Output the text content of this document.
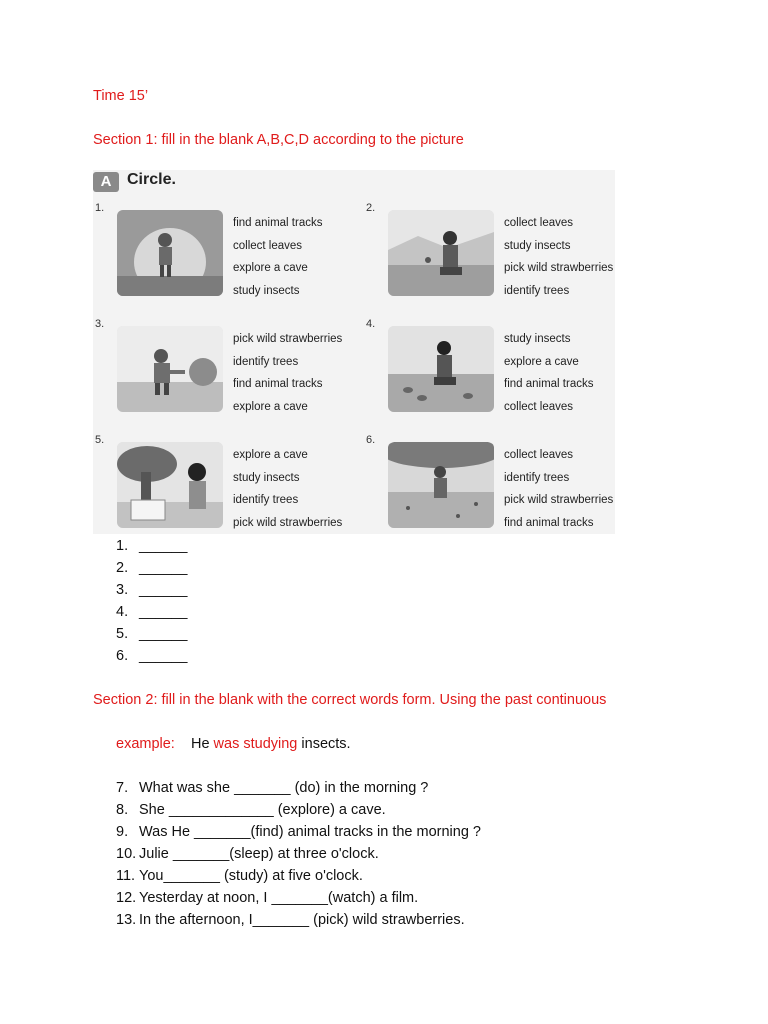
Time 15’
Section 1: fill in the blank A,B,C,D according to the picture
A Circle.
1.
find animal tracks
collect leaves
explore a cave
study insects
2.
collect leaves
study insects
pick wild strawberries
identify trees
3.
pick wild strawberries
identify trees
find animal tracks
explore a cave
4.
study insects
explore a cave
find animal tracks
collect leaves
5.
explore a cave
study insects
identify trees
pick wild strawberries
6.
collect leaves
identify trees
pick wild strawberries
find animal tracks
1. ______
2. ______
3. ______
4. ______
5. ______
6. ______
Section 2: fill in the blank with the correct words form. Using the past continuous
example: He was studying insects.
7. What was she _______ (do) in the morning ?
8. She _____________ (explore) a cave.
9. Was He _______(find) animal tracks in the morning ?
10. Julie _______(sleep) at three o'clock.
11. You_______ (study) at five o'clock.
12. Yesterday at noon, I _______(watch) a film.
13. In the afternoon, I_______ (pick) wild strawberries.
